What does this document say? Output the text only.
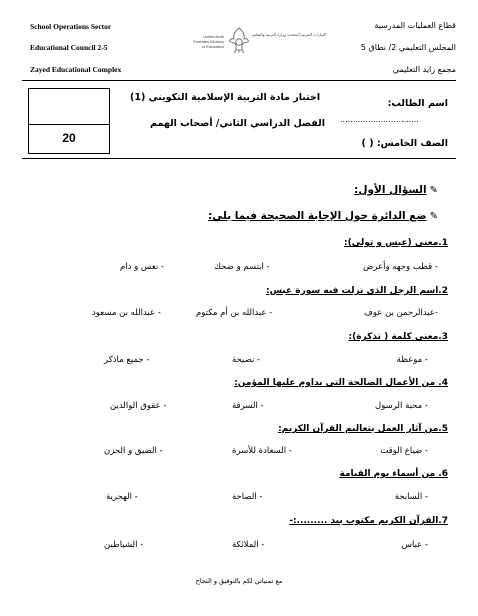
School Operations Sector
Educational Council 2-5
Zayed Educational Complex
قطاع العمليات المدرسية
المجلس التعليمي 2/ نطاق 5
مجمع زايد التعليمي
الإمارات العربية المتحدة وزارة التربية والتعليم
United Arab Emirates Ministry of Education
20
اختبار مادة التربية الإسلامية التكويني (1)
الفصل الدراسي الثاني/ أصحاب الهمم
اسم الطالب:
...............................
الصف الخامس: ( )
✎السؤال الأول:
✎ضع الدائرة حول الإجابة الصحيحة فيما يلي:
1.معنى (عبس و تولى):
- قطب وجهه وأعرض
- ابتسم و ضحك
- نعس و دام
2.اسم الرجل الذي نزلت فيه سورة عبس:
-عبدالرحمن بن عوف
- عبدالله بن أم مكتوم
- عبدالله بن مسعود
3.معنى كلمة ( تذكرة):
- موعظة
- نصيحة
- جميع ماذكر
4. من الأعمال الصالحة التي يداوم عليها المؤمن:
- محبة الرسول
- السرقة
- عقوق الوالدين
5.من آثار العمل بتعاليم القرآن الكريم:
- ضياع الوقت
- السعادة للأسرة
- الضيق و الحزن
6. من أسماء يوم القيامة
- السابحة
- الصاخة
- الهجرية
7.القرآن الكريم مكتوب بيد .........:-
- عباس
- الملائكة
- الشياطين
مع تمنياتي لكم بالتوفيق و النجاح
